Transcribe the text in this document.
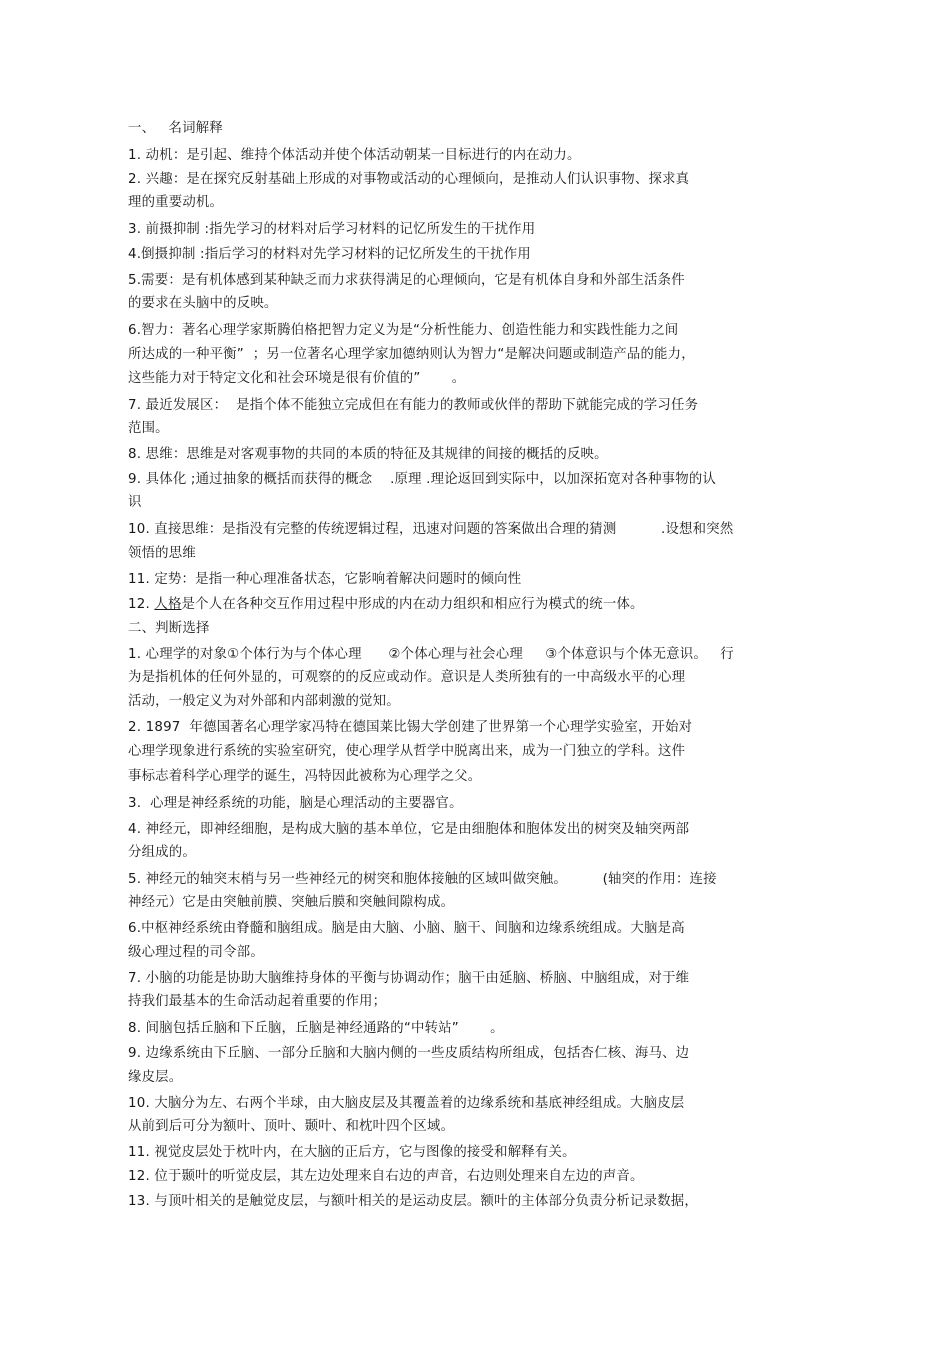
一、   名词解释
1. 动机：是引起、维持个体活动并使个体活动朝某一目标进行的内在动力。
2. 兴趣：是在探究反射基础上形成的对事物或活动的心理倾向，是推动人们认识事物、探求真
理的重要动机。
3. 前摄抑制 :指先学习的材料对后学习材料的记忆所发生的干扰作用
4.倒摄抑制 :指后学习的材料对先学习材料的记忆所发生的干扰作用
5.需要：是有机体感到某种缺乏而力求获得满足的心理倾向，它是有机体自身和外部生活条件
的要求在头脑中的反映。
6.智力：著名心理学家斯腾伯格把智力定义为是“分析性能力、创造性能力和实践性能力之间
所达成的一种平衡”  ；另一位著名心理学家加德纳则认为智力“是解决问题或制造产品的能力，
这些能力对于特定文化和社会环境是很有价值的”       。
7. 最近发展区：  是指个体不能独立完成但在有能力的教师或伙伴的帮助下就能完成的学习任务
范围。
8. 思维：思维是对客观事物的共同的本质的特征及其规律的间接的概括的反映。
9. 具体化 ;通过抽象的概括而获得的概念    .原理 .理论返回到实际中，以加深拓宽对各种事物的认
识
10. 直接思维：是指没有完整的传统逻辑过程，迅速对问题的答案做出合理的猜测          .设想和突然
领悟的思维
11. 定势：是指一种心理准备状态，它影响着解决问题时的倾向性
12. 人格是个人在各种交互作用过程中形成的内在动力组织和相应行为模式的统一体。
二、判断选择
1. 心理学的对象①个体行为与个体心理      ②个体心理与社会心理     ③个体意识与个体无意识。   行
为是指机体的任何外显的，可观察的的反应或动作。意识是人类所独有的一中高级水平的心理
活动，一般定义为对外部和内部刺激的觉知。
2. 1897  年德国著名心理学家冯特在德国莱比锡大学创建了世界第一个心理学实验室，开始对
心理学现象进行系统的实验室研究，使心理学从哲学中脱离出来，成为一门独立的学科。这件
事标志着科学心理学的诞生，冯特因此被称为心理学之父。
3.  心理是神经系统的功能，脑是心理活动的主要器官。
4. 神经元，即神经细胞，是构成大脑的基本单位，它是由细胞体和胞体发出的树突及轴突两部
分组成的。
5. 神经元的轴突末梢与另一些神经元的树突和胞体接触的区域叫做突触。        (轴突的作用：连接
神经元）它是由突触前膜、突触后膜和突触间隙构成。
6.中枢神经系统由脊髓和脑组成。脑是由大脑、小脑、脑干、间脑和边缘系统组成。大脑是高
级心理过程的司令部。
7. 小脑的功能是协助大脑维持身体的平衡与协调动作；脑干由延脑、桥脑、中脑组成，对于维
持我们最基本的生命活动起着重要的作用；
8. 间脑包括丘脑和下丘脑，丘脑是神经通路的“中转站”       。
9. 边缘系统由下丘脑、一部分丘脑和大脑内侧的一些皮质结构所组成，包括杏仁核、海马、边
缘皮层。
10. 大脑分为左、右两个半球，由大脑皮层及其覆盖着的边缘系统和基底神经组成。大脑皮层
从前到后可分为额叶、顶叶、颞叶、和枕叶四个区域。
11. 视觉皮层处于枕叶内，在大脑的正后方，它与图像的接受和解释有关。
12. 位于颞叶的听觉皮层，其左边处理来自右边的声音，右边则处理来自左边的声音。
13. 与顶叶相关的是触觉皮层，与额叶相关的是运动皮层。额叶的主体部分负责分析记录数据，
